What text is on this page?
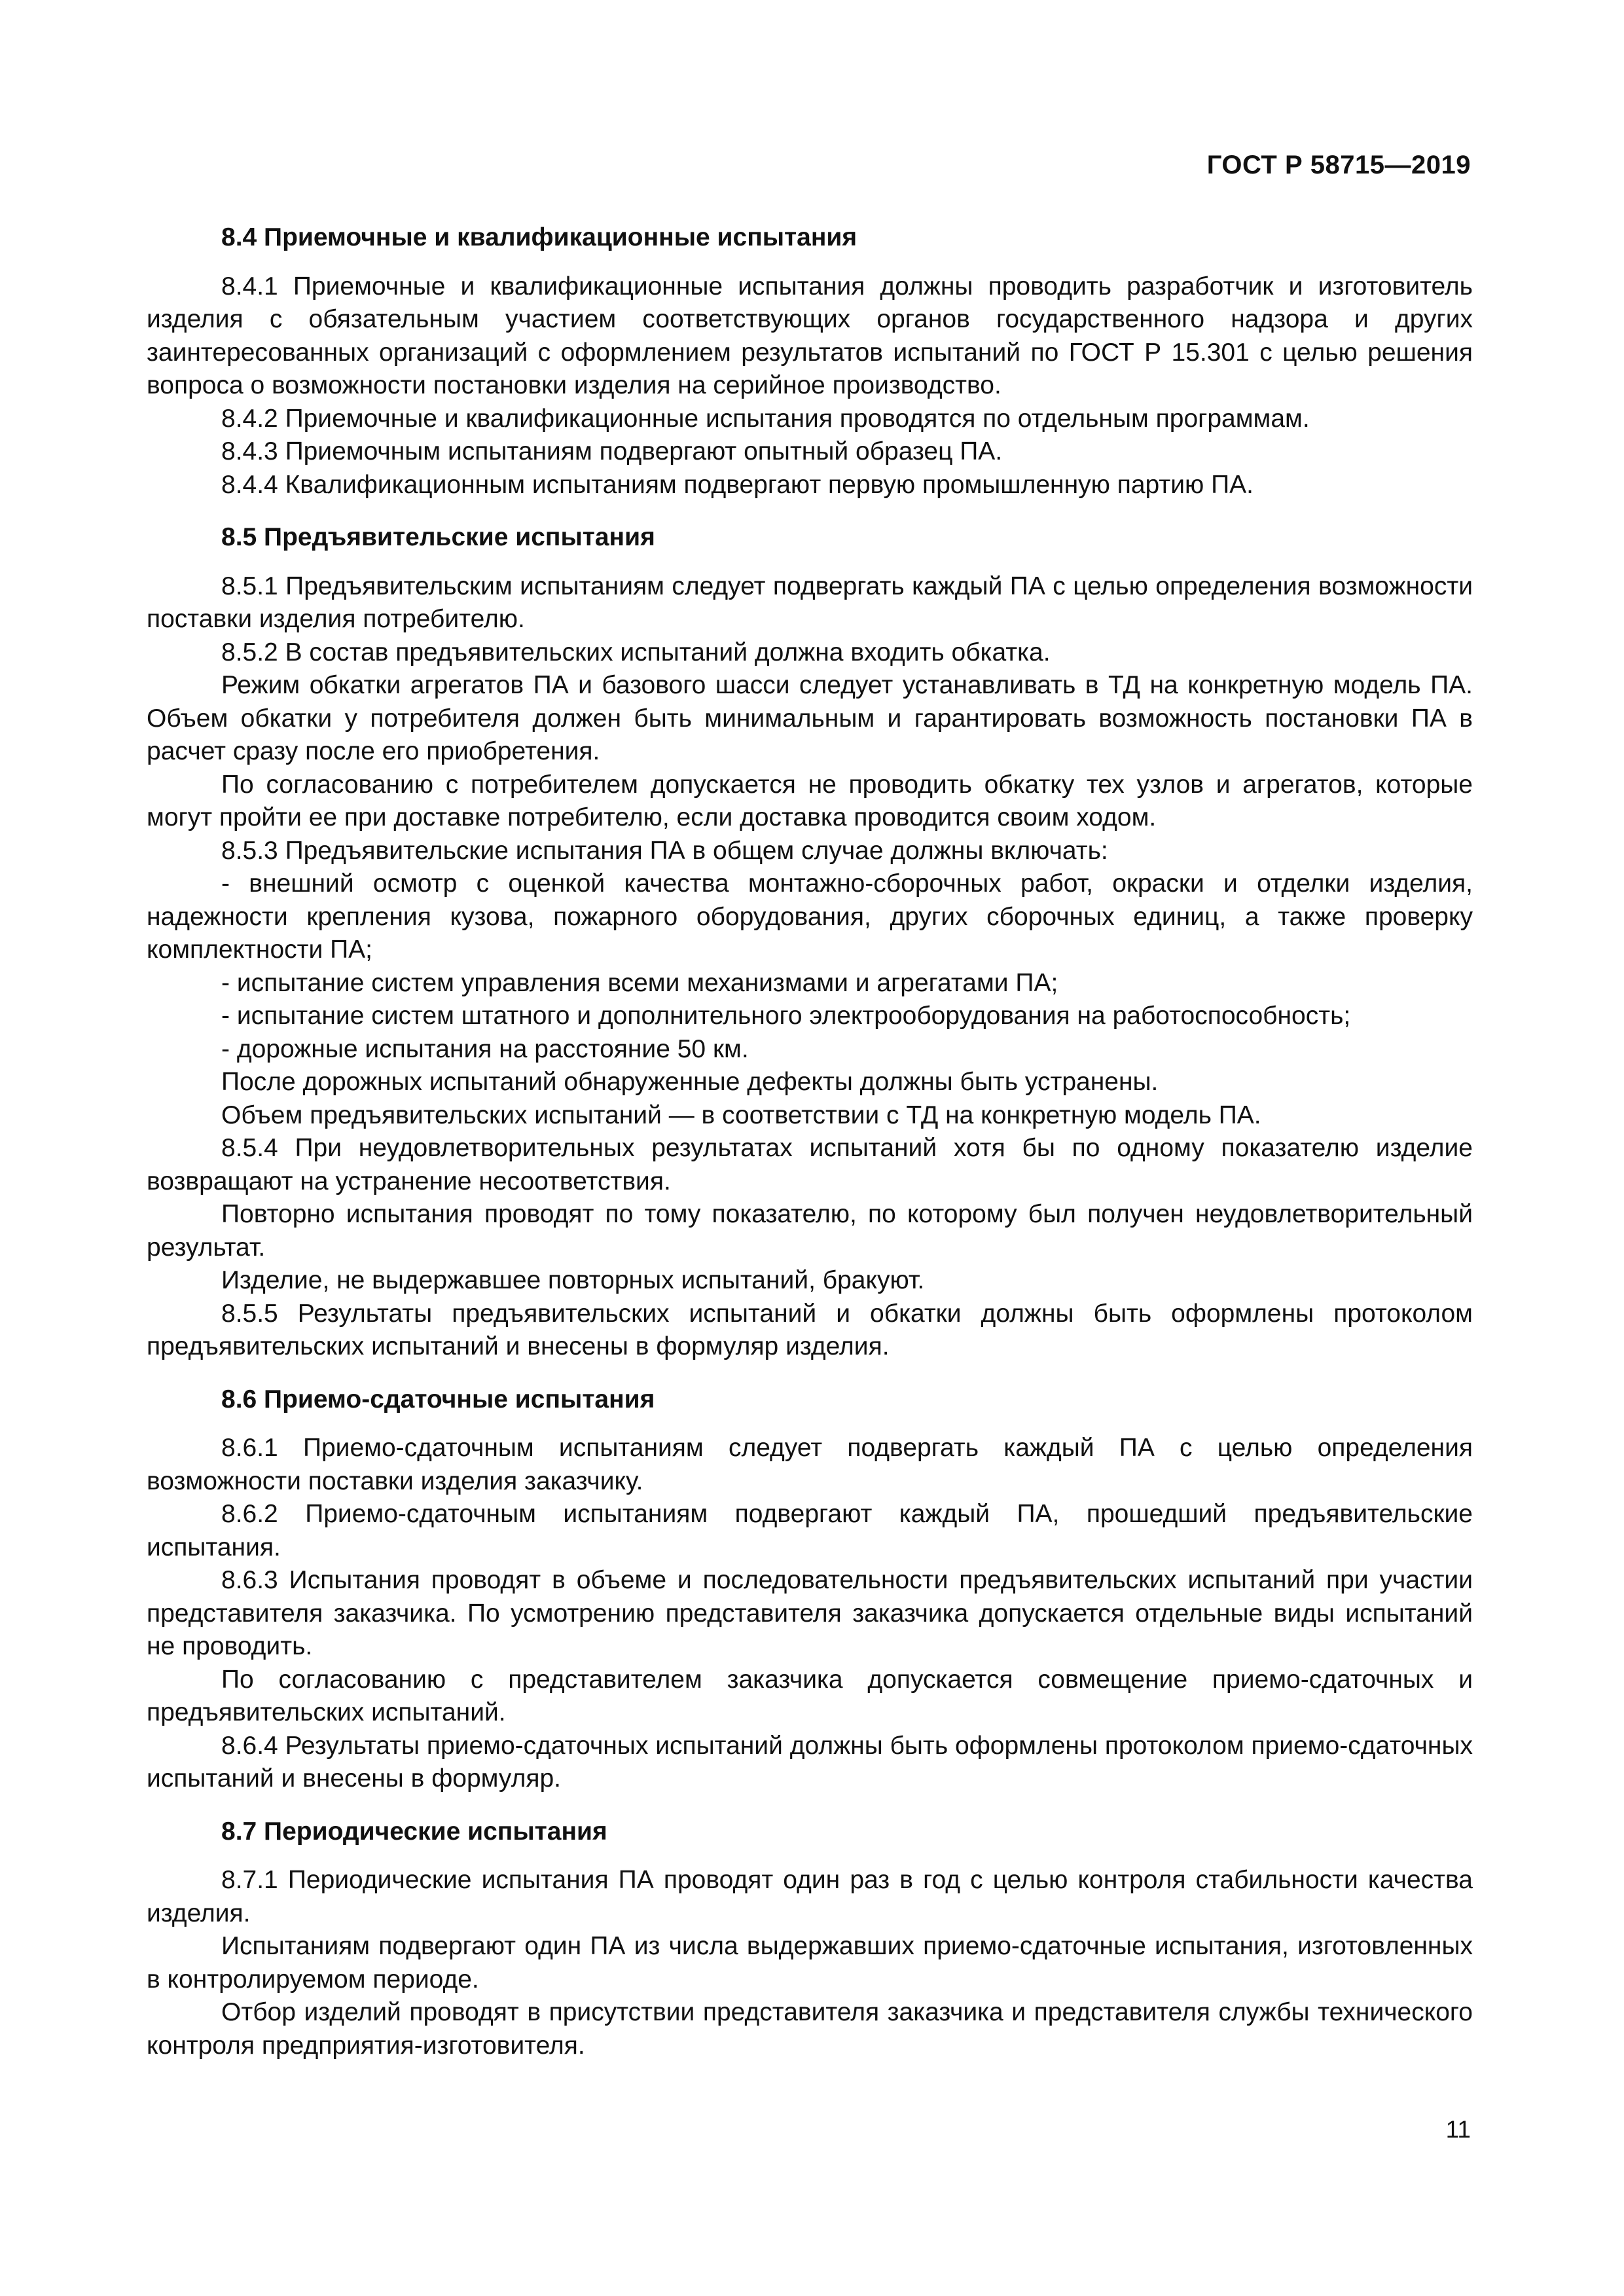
ГОСТ Р 58715—2019

8.4 Приемочные и квалификационные испытания

8.4.1 Приемочные и квалификационные испытания должны проводить разработчик и изготовитель изделия с обязательным участием соответствующих органов государственного надзора и других заинтересованных организаций с оформлением результатов испытаний по ГОСТ Р 15.301 с целью решения вопроса о возможности постановки изделия на серийное производство.

8.4.2 Приемочные и квалификационные испытания проводятся по отдельным программам.

8.4.3 Приемочным испытаниям подвергают опытный образец ПА.

8.4.4 Квалификационным испытаниям подвергают первую промышленную партию ПА.

8.5 Предъявительские испытания

8.5.1 Предъявительским испытаниям следует подвергать каждый ПА с целью определения возможности поставки изделия потребителю.

8.5.2 В состав предъявительских испытаний должна входить обкатка.

Режим обкатки агрегатов ПА и базового шасси следует устанавливать в ТД на конкретную модель ПА. Объем обкатки у потребителя должен быть минимальным и гарантировать возможность постановки ПА в расчет сразу после его приобретения.

По согласованию с потребителем допускается не проводить обкатку тех узлов и агрегатов, которые могут пройти ее при доставке потребителю, если доставка проводится своим ходом.

8.5.3 Предъявительские испытания ПА в общем случае должны включать:

- внешний осмотр с оценкой качества монтажно-сборочных работ, окраски и отделки изделия, надежности крепления кузова, пожарного оборудования, других сборочных единиц, а также проверку комплектности ПА;

- испытание систем управления всеми механизмами и агрегатами ПА;

- испытание систем штатного и дополнительного электрооборудования на работоспособность;

- дорожные испытания на расстояние 50 км.

После дорожных испытаний обнаруженные дефекты должны быть устранены.

Объем предъявительских испытаний — в соответствии с ТД на конкретную модель ПА.

8.5.4 При неудовлетворительных результатах испытаний хотя бы по одному показателю изделие возвращают на устранение несоответствия.

Повторно испытания проводят по тому показателю, по которому был получен неудовлетворительный результат.

Изделие, не выдержавшее повторных испытаний, бракуют.

8.5.5 Результаты предъявительских испытаний и обкатки должны быть оформлены протоколом предъявительских испытаний и внесены в формуляр изделия.

8.6 Приемо-сдаточные испытания

8.6.1 Приемо-сдаточным испытаниям следует подвергать каждый ПА с целью определения возможности поставки изделия заказчику.

8.6.2 Приемо-сдаточным испытаниям подвергают каждый ПА, прошедший предъявительские испытания.

8.6.3 Испытания проводят в объеме и последовательности предъявительских испытаний при участии представителя заказчика. По усмотрению представителя заказчика допускается отдельные виды испытаний не проводить.

По согласованию с представителем заказчика допускается совмещение приемо-сдаточных и предъявительских испытаний.

8.6.4 Результаты приемо-сдаточных испытаний должны быть оформлены протоколом приемо-сдаточных испытаний и внесены в формуляр.

8.7 Периодические испытания

8.7.1 Периодические испытания ПА проводят один раз в год с целью контроля стабильности качества изделия.

Испытаниям подвергают один ПА из числа выдержавших приемо-сдаточные испытания, изготовленных в контролируемом периоде.

Отбор изделий проводят в присутствии представителя заказчика и представителя службы технического контроля предприятия-изготовителя.

11
